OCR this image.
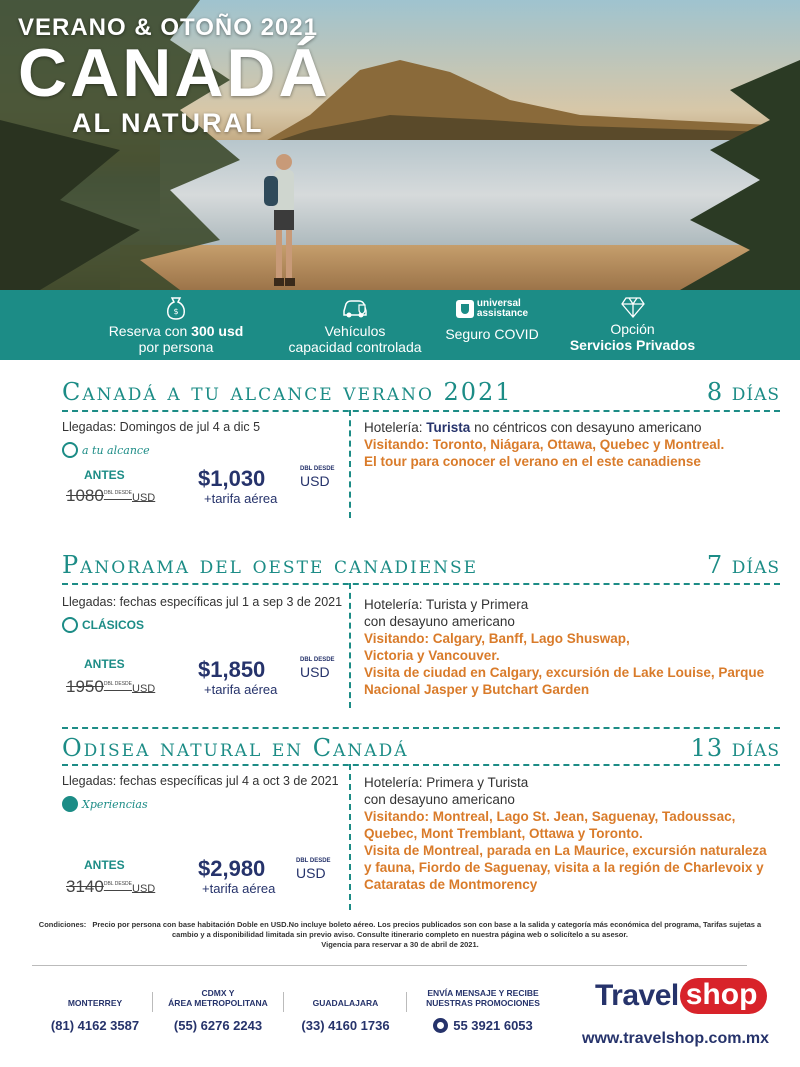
VERANO & OTOÑO 2021
CANADÁ
AL NATURAL
$
Reserva con 300 usd
por persona
Vehículos
capacidad controlada
universal
assistance
Seguro COVID	Opción
Servicios Privados
Canadá a tu alcance verano 2021	8 días
Llegadas: Domingos de jul 4 a dic 5
a tu alcance
ANTES
$1080^{DBL DESDE}USD$
$1,030
+tarifa aérea
DBL DESDE
USD
Hotelería: Turista no céntricos con desayuno americano
Visitando: Toronto, Niágara, Ottawa, Quebec y Montreal.
El tour para conocer el verano en el este canadiense
Panorama del oeste canadiense	7 días
Llegadas: fechas específicas jul 1 a sep 3 de 2021
CLÁSICOS
ANTES
$1950^{DBL DESDE}USD$
$1,850
+tarifa aérea
DBL DESDE
USD
Hotelería: Turista y Primera
con desayuno americano
Visitando: Calgary, Banff, Lago Shuswap, Victoria y Vancouver.
Visita de ciudad en Calgary, excursión de Lake Louise, Parque Nacional Jasper y Butchart Garden
Odisea natural en Canadá	13 días
Llegadas: fechas específicas jul 4 a oct 3 de 2021
Xperiencias
ANTES
$3140^{DBL DESDE}USD$
$2,980
+tarifa aérea
DBL DESDE
USD
Hotelería: Primera y Turista
con desayuno americano
Visitando: Montreal, Lago St. Jean, Saguenay, Tadoussac, Quebec, Mont Tremblant, Ottawa y Toronto.
Visita de Montreal, parada en La Maurice, excursión naturaleza y fauna, Fiordo de Saguenay, visita a la región de Charlevoix y Cataratas de Montmorency
Condiciones: Precio por persona con base habitación Doble en USD.No incluye boleto aéreo. Los precios publicados son con base a la salida y categoría más económica del programa, Tarifas sujetas a cambio y a disponibilidad limitada sin previo aviso. Consulte itinerario completo en nuestra página web o solicítelo a su asesor.
Vigencia para reservar a 30 de abril de 2021.
MONTERREY
(81) 4162 3587
CDMX Y
ÁREA METROPOLITANA
(55) 6276 2243
GUADALAJARA
(33) 4160 1736
ENVÍA MENSAJE Y RECIBE
NUESTRAS PROMOCIONES
55 3921 6053
Travel shop
www.travelshop.com.mx
